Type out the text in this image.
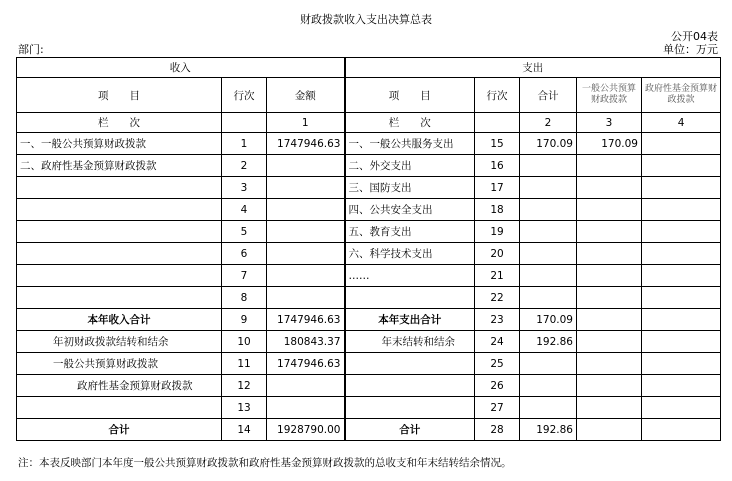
财政拨款收入支出决算总表
公开04表
部门:	单位：万元
收入			支出				
项　　目	行次	金额	项　　目	行次	合计	一般公共预算财政拨款	政府性基金预算财政拨款
栏　　次		1	栏　　次		2	3	4
一、一般公共预算财政拨款	1	1747946.63	一、一般公共服务支出	15	170.09	170.09	
二、政府性基金预算财政拨款	2		二、外交支出	16			
	3		三、国防支出	17			
	4		四、公共安全支出	18			
	5		五、教育支出	19			
	6		六、科学技术支出	20			
	7		……	21			
	8			22			
本年收入合计	9	1747946.63	本年支出合计	23	170.09		
年初财政拨款结转和结余	10	180843.37	年末结转和结余	24	192.86		
一般公共预算财政拨款	11	1747946.63		25			
政府性基金预算财政拨款	12			26			
	13			27			
合计	14	1928790.00	合计	28	192.86		
注：本表反映部门本年度一般公共预算财政拨款和政府性基金预算财政拨款的总收支和年末结转结余情况。
